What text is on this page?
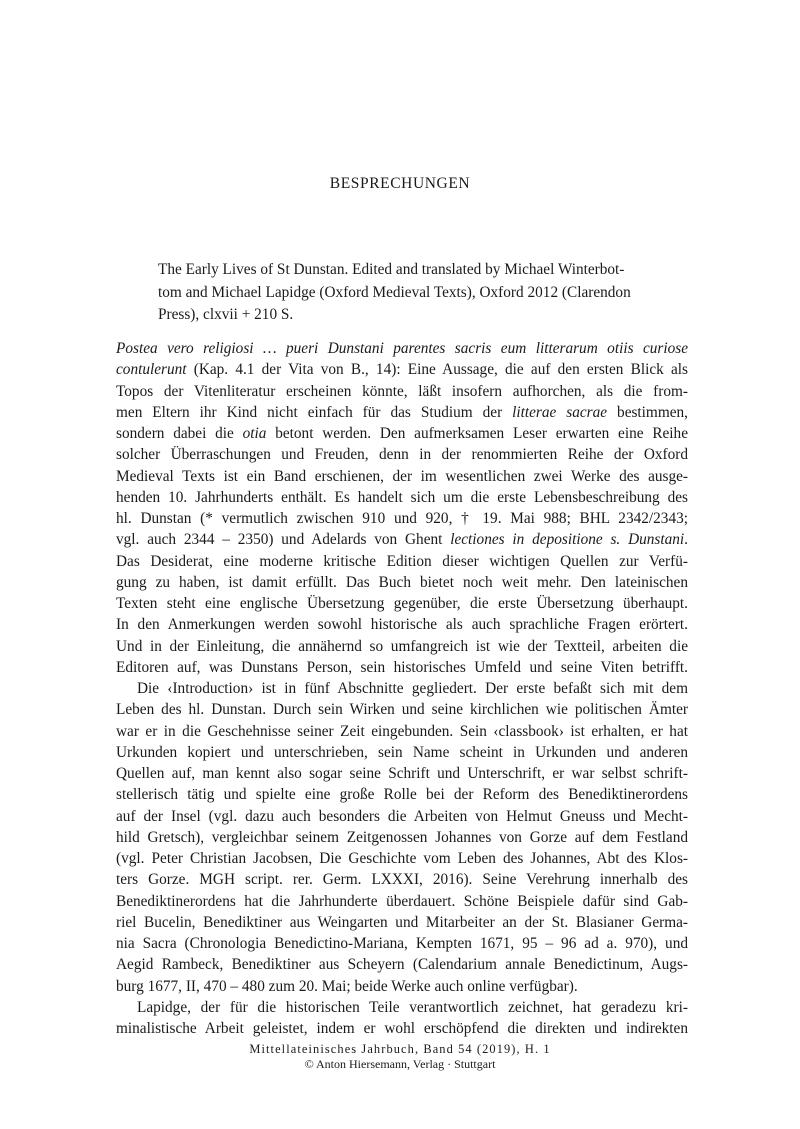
BESPRECHUNGEN
The Early Lives of St Dunstan. Edited and translated by Michael Winterbot-
tom and Michael Lapidge (Oxford Medieval Texts), Oxford 2012 (Clarendon
Press), clxvii + 210 S.
Postea vero religiosi … pueri Dunstani parentes sacris eum litterarum otiis curiose
contulerunt (Kap. 4.1 der Vita von B., 14): Eine Aussage, die auf den ersten Blick als
Topos der Vitenliteratur erscheinen könnte, läßt insofern aufhorchen, als die from-
men Eltern ihr Kind nicht einfach für das Studium der litterae sacrae bestimmen,
sondern dabei die otia betont werden. Den aufmerksamen Leser erwarten eine Reihe
solcher Überraschungen und Freuden, denn in der renommierten Reihe der Oxford
Medieval Texts ist ein Band erschienen, der im wesentlichen zwei Werke des ausge-
henden 10. Jahrhunderts enthält. Es handelt sich um die erste Lebensbeschreibung des
hl. Dunstan (* vermutlich zwischen 910 und 920, † 19. Mai 988; BHL 2342/2343;
vgl. auch 2344 – 2350) und Adelards von Ghent lectiones in depositione s. Dunstani.
Das Desiderat, eine moderne kritische Edition dieser wichtigen Quellen zur Verfü-
gung zu haben, ist damit erfüllt. Das Buch bietet noch weit mehr. Den lateinischen
Texten steht eine englische Übersetzung gegenüber, die erste Übersetzung überhaupt.
In den Anmerkungen werden sowohl historische als auch sprachliche Fragen erörtert.
Und in der Einleitung, die annähernd so umfangreich ist wie der Textteil, arbeiten die
Editoren auf, was Dunstans Person, sein historisches Umfeld und seine Viten betrifft.
Die ‹Introduction› ist in fünf Abschnitte gegliedert. Der erste befaßt sich mit dem
Leben des hl. Dunstan. Durch sein Wirken und seine kirchlichen wie politischen Ämter
war er in die Geschehnisse seiner Zeit eingebunden. Sein ‹classbook› ist erhalten, er hat
Urkunden kopiert und unterschrieben, sein Name scheint in Urkunden und anderen
Quellen auf, man kennt also sogar seine Schrift und Unterschrift, er war selbst schrift-
stellerisch tätig und spielte eine große Rolle bei der Reform des Benediktinerordens
auf der Insel (vgl. dazu auch besonders die Arbeiten von Helmut Gneuss und Mecht-
hild Gretsch), vergleichbar seinem Zeitgenossen Johannes von Gorze auf dem Festland
(vgl. Peter Christian Jacobsen, Die Geschichte vom Leben des Johannes, Abt des Klos-
ters Gorze. MGH script. rer. Germ. LXXXI, 2016). Seine Verehrung innerhalb des
Benediktinerordens hat die Jahrhunderte überdauert. Schöne Beispiele dafür sind Gab-
riel Bucelin, Benediktiner aus Weingarten und Mitarbeiter an der St. Blasianer Germa-
nia Sacra (Chronologia Benedictino-Mariana, Kempten 1671, 95 – 96 ad a. 970), und
Aegid Rambeck, Benediktiner aus Scheyern (Calendarium annale Benedictinum, Augs-
burg 1677, II, 470 – 480 zum 20. Mai; beide Werke auch online verfügbar).
Lapidge, der für die historischen Teile verantwortlich zeichnet, hat geradezu kri-
minalistische Arbeit geleistet, indem er wohl erschöpfend die direkten und indirekten
Mittellateinisches Jahrbuch, Band 54 (2019), H. 1
© Anton Hiersemann, Verlag · Stuttgart
